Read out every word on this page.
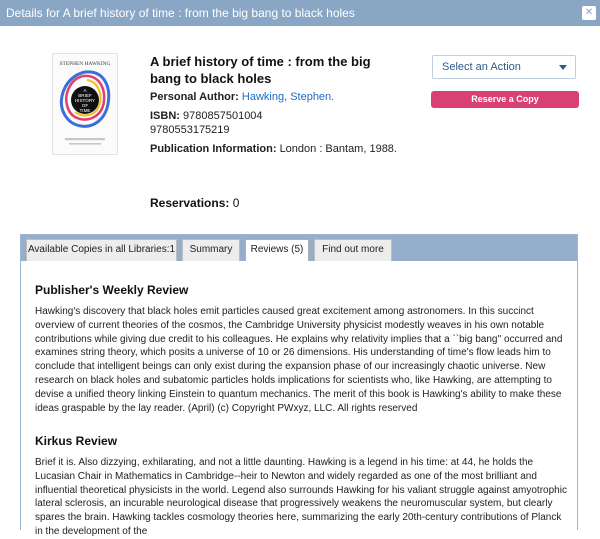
Details for A brief history of time : from the big bang to black holes	✕
STEPHEN HAWKING
A
BRIEF
HISTORY
OF
TIME
A brief history of time : from the big bang to black holes
Personal Author: Hawking, Stephen.
ISBN: 9780857501004
9780553175219
Publication Information: London : Bantam, 1988.
Select an Action
Reserve a Copy
Reservations: 0
Available Copies in all Libraries:1	Summary	Reviews (5)	Find out more
Publisher's Weekly Review
Hawking's discovery that black holes emit particles caused great excitement among astronomers. In this succinct overview of current theories of the cosmos, the Cambridge University physicist modestly weaves in his own notable contributions while giving due credit to his colleagues. He explains why relativity implies that a ``big bang'' occurred and examines string theory, which posits a universe of 10 or 26 dimensions. His understanding of time's flow leads him to conclude that intelligent beings can only exist during the expansion phase of our increasingly chaotic universe. New research on black holes and subatomic particles holds implications for scientists who, like Hawking, are attempting to devise a unified theory linking Einstein to quantum mechanics. The merit of this book is Hawking's ability to make these ideas graspable by the lay reader. (April) (c) Copyright PWxyz, LLC. All rights reserved
Kirkus Review
Brief it is. Also dizzying, exhilarating, and not a little daunting. Hawking is a legend in his time: at 44, he holds the Lucasian Chair in Mathematics in Cambridge--heir to Newton and widely regarded as one of the most brilliant and influential theoretical physicists in the world. Legend also surrounds Hawking for his valiant struggle against amyotrophic lateral sclerosis, an incurable neurological disease that progressively weakens the neuromuscular system, but clearly spares the brain. Hawking tackles cosmology theories here, summarizing the early 20th-century contributions of Planck in the development of the
